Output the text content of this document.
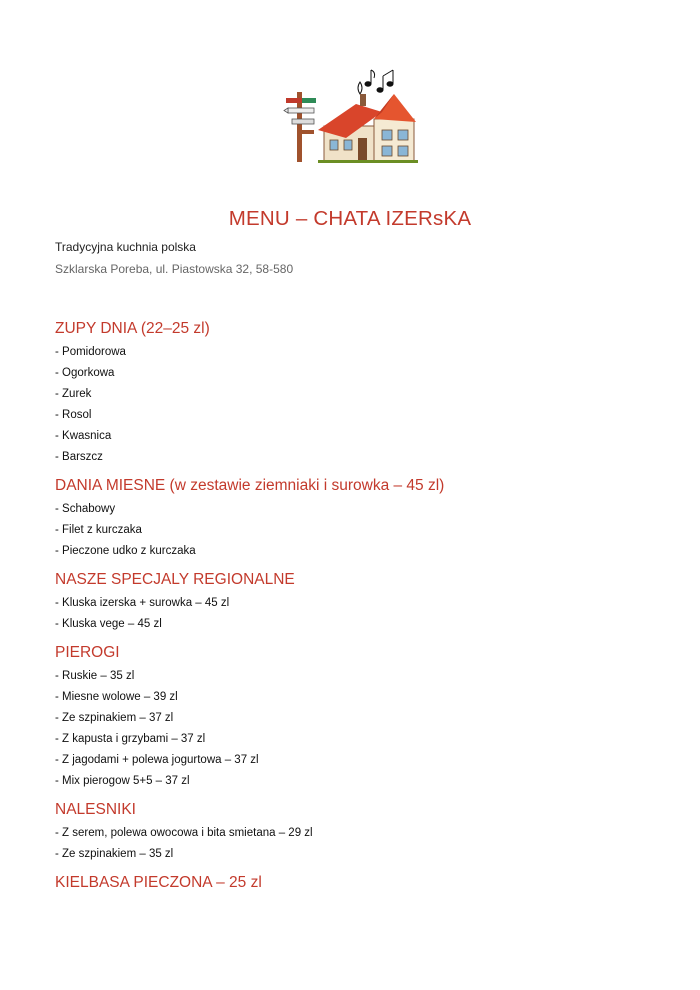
MENU – CHATA IZERsKA
Tradycyjna kuchnia polska
Szklarska Poreba, ul. Piastowska 32, 58-580
ZUPY DNIA (22–25 zl)
- Pomidorowa
- Ogorkowa
- Zurek
- Rosol
- Kwasnica
- Barszcz
DANIA MIESNE (w zestawie ziemniaki i surowka – 45 zl)
- Schabowy
- Filet z kurczaka
- Pieczone udko z kurczaka
NASZE SPECJALY REGIONALNE
- Kluska izerska + surowka – 45 zl
- Kluska vege – 45 zl
PIEROGI
- Ruskie – 35 zl
- Miesne wolowe – 39 zl
- Ze szpinakiem – 37 zl
- Z kapusta i grzybami – 37 zl
- Z jagodami + polewa jogurtowa – 37 zl
- Mix pierogow 5+5 – 37 zl
NALESNIKI
- Z serem, polewa owocowa i bita smietana – 29 zl
- Ze szpinakiem – 35 zl
KIELBASA PIECZONA – 25 zl
